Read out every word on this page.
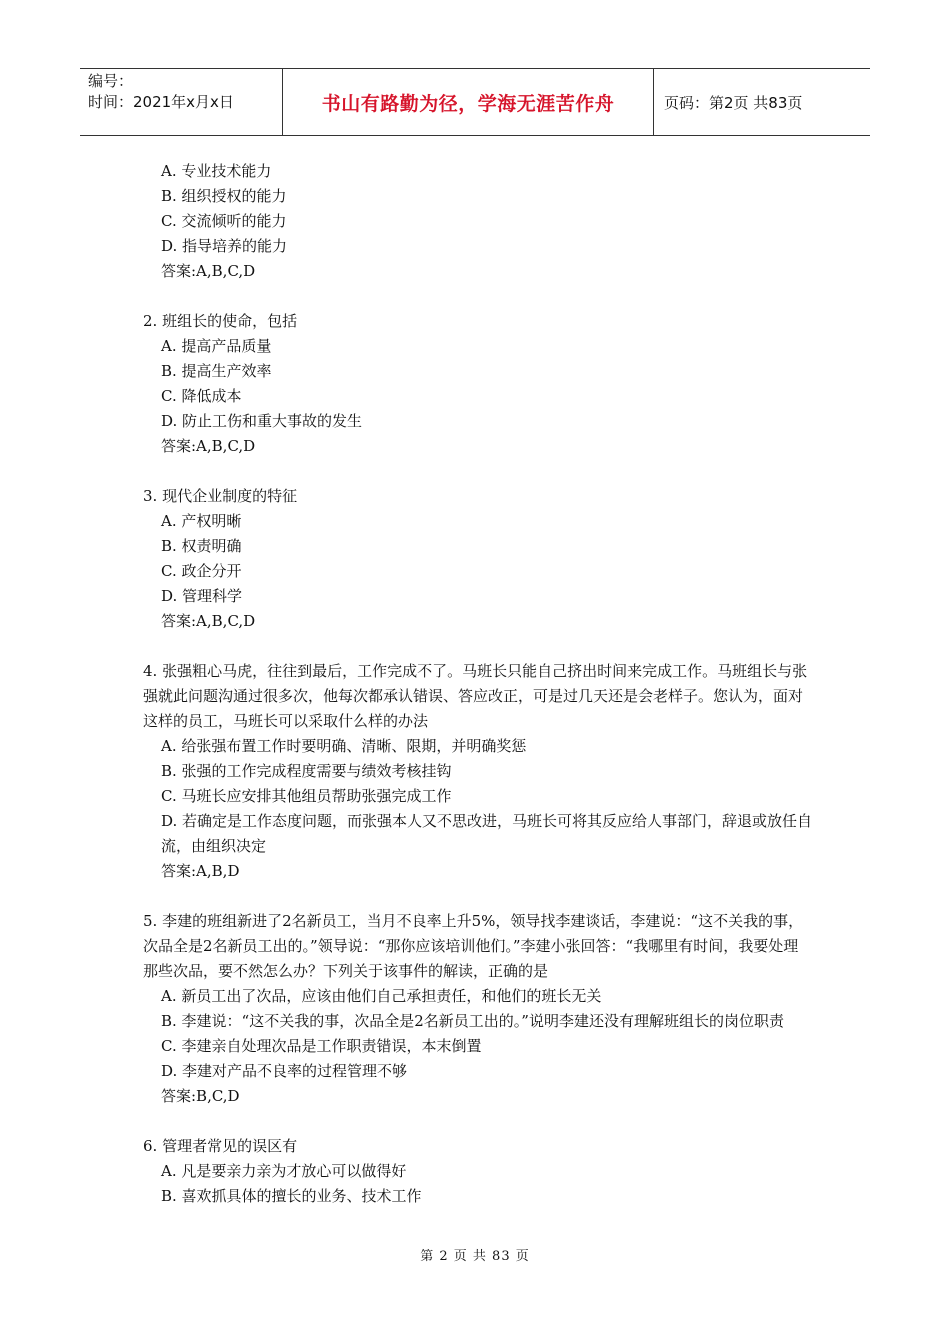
编号：
时间：2021年x月x日	书山有路勤为径，学海无涯苦作舟	页码：第2页 共83页

A. 专业技术能力

B. 组织授权的能力

C. 交流倾听的能力

D. 指导培养的能力

答案:A,B,C,D

2. 班组长的使命，包括

A. 提高产品质量

B. 提高生产效率

C. 降低成本

D. 防止工伤和重大事故的发生

答案:A,B,C,D

3. 现代企业制度的特征

A. 产权明晰

B. 权责明确

C. 政企分开

D. 管理科学

答案:A,B,C,D

4. 张强粗心马虎，往往到最后，工作完成不了。马班长只能自己挤出时间来完成工作。马班组长与张强就此问题沟通过很多次，他每次都承认错误、答应改正，可是过几天还是会老样子。您认为，面对这样的员工，马班长可以采取什么样的办法

A. 给张强布置工作时要明确、清晰、限期，并明确奖惩

B. 张强的工作完成程度需要与绩效考核挂钩

C. 马班长应安排其他组员帮助张强完成工作

D. 若确定是工作态度问题，而张强本人又不思改进，马班长可将其反应给人事部门，辞退或放任自流，由组织决定

答案:A,B,D

5. 李建的班组新进了2名新员工，当月不良率上升5%，领导找李建谈话，李建说：“这不关我的事，次品全是2名新员工出的。”领导说：“那你应该培训他们。”李建小张回答：“我哪里有时间，我要处理那些次品，要不然怎么办？下列关于该事件的解读，正确的是

A. 新员工出了次品，应该由他们自己承担责任，和他们的班长无关

B. 李建说：“这不关我的事，次品全是2名新员工出的。”说明李建还没有理解班组长的岗位职责

C. 李建亲自处理次品是工作职责错误，本末倒置

D. 李建对产品不良率的过程管理不够

答案:B,C,D

6. 管理者常见的误区有

A. 凡是要亲力亲为才放心可以做得好

B. 喜欢抓具体的擅长的业务、技术工作

第 2 页 共 83 页
